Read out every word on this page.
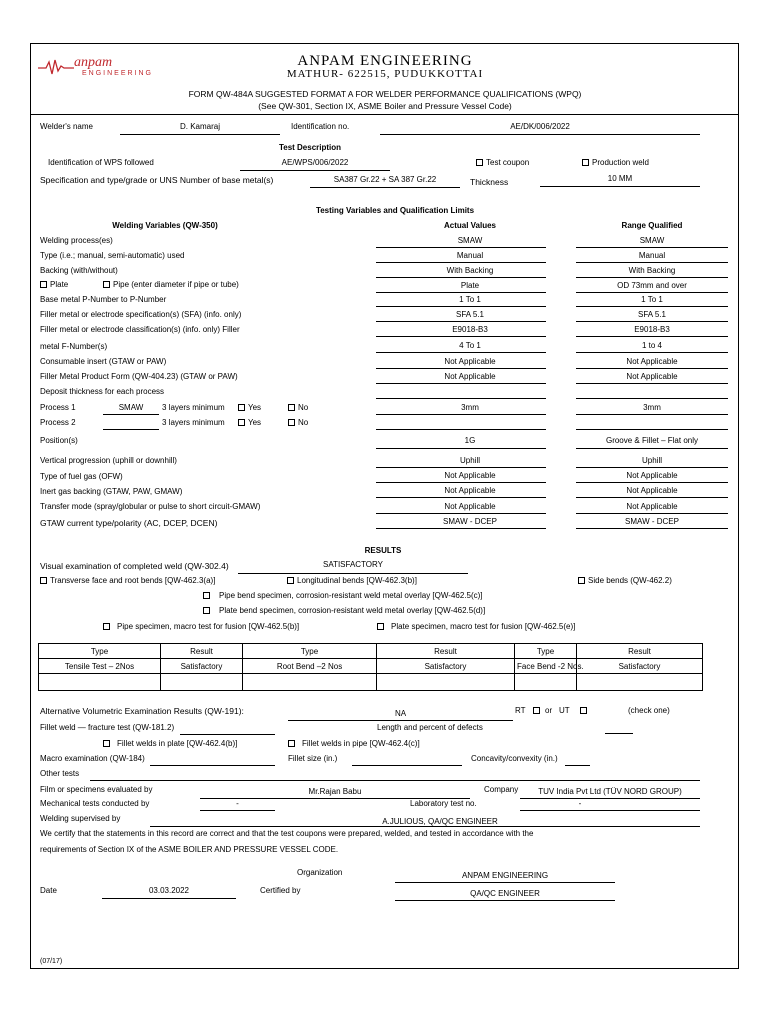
anpam
ENGINEERING
ANPAM ENGINEERING
MATHUR- 622515, PUDUKKOTTAI
FORM QW-484A SUGGESTED FORMAT A FOR WELDER PERFORMANCE QUALIFICATIONS (WPQ)
(See QW-301, Section IX, ASME Boiler and Pressure Vessel Code)
Welder's name	D. Kamaraj	Identification no.	AE/DK/006/2022
Test Description
Identification of WPS followed	AE/WPS/006/2022	Test coupon	Production weld
Specification and type/grade or UNS Number of base metal(s)	SA387 Gr.22 + SA 387 Gr.22	Thickness	10 MM
Testing Variables and Qualification Limits
Welding Variables (QW-350)	Actual Values	Range Qualified
Welding process(es)	SMAW	SMAW
Type (i.e.; manual, semi-automatic) used	Manual	Manual
Backing (with/without)	With Backing	With Backing
Plate	Pipe (enter diameter if pipe or tube)	Plate	OD 73mm and over
Base metal P-Number to P-Number	1 To 1	1 To 1
Filler metal or electrode specification(s) (SFA) (info. only)	SFA 5.1	SFA 5.1
Filler metal or electrode classification(s) (info. only) Filler	E9018-B3	E9018-B3
metal F-Number(s)	4 To 1	1 to 4
Consumable insert (GTAW or PAW)	Not Applicable	Not Applicable
Filler Metal Product Form (QW-404.23) (GTAW or PAW)	Not Applicable	Not Applicable
Deposit thickness for each process
Process 1	SMAW	3 layers minimum	Yes	No	3mm	3mm
Process 2	3 layers minimum	Yes	No
Position(s)	1G	Groove & Fillet – Flat only
Vertical progression (uphill or downhill)	Uphill	Uphill
Type of fuel gas (OFW)	Not Applicable	Not Applicable
Inert gas backing (GTAW, PAW, GMAW)	Not Applicable	Not Applicable
Transfer mode (spray/globular or pulse to short circuit-GMAW)	Not Applicable	Not Applicable
GTAW current type/polarity (AC, DCEP, DCEN)	SMAW - DCEP	SMAW - DCEP
RESULTS
Visual examination of completed weld (QW-302.4)	SATISFACTORY
Transverse face and root bends [QW-462.3(a)]	Longitudinal bends [QW-462.3(b)]	Side bends (QW-462.2)
Pipe bend specimen, corrosion-resistant weld metal overlay [QW-462.5(c)]
Plate bend specimen, corrosion-resistant weld metal overlay [QW-462.5(d)]
Pipe specimen, macro test for fusion [QW-462.5(b)]	Plate specimen, macro test for fusion [QW-462.5(e)]
Type	Result	Type	Result	Type	Result
Tensile Test – 2Nos	Satisfactory	Root Bend –2 Nos	Satisfactory	Face Bend -2 Nos.	Satisfactory

Alternative Volumetric Examination Results (QW-191):	NA	RT or UT	(check one)
Fillet weld — fracture test (QW-181.2)	Length and percent of defects
Fillet welds in plate [QW-462.4(b)]	Fillet welds in pipe [QW-462.4(c)]
Macro examination (QW-184)	Fillet size (in.)	Concavity/convexity (in.)
Other tests
Film or specimens evaluated by	Mr.Rajan Babu	Company	TUV India Pvt Ltd (TÜV NORD GROUP)
Mechanical tests conducted by	-	Laboratory test no.	-
Welding supervised by	A.JULIOUS, QA/QC ENGINEER
We certify that the statements in this record are correct and that the test coupons were prepared, welded, and tested in accordance with the
requirements of Section IX of the ASME BOILER AND PRESSURE VESSEL CODE.
Organization	ANPAM ENGINEERING
Date	03.03.2022	Certified by	QA/QC ENGINEER
(07/17)
